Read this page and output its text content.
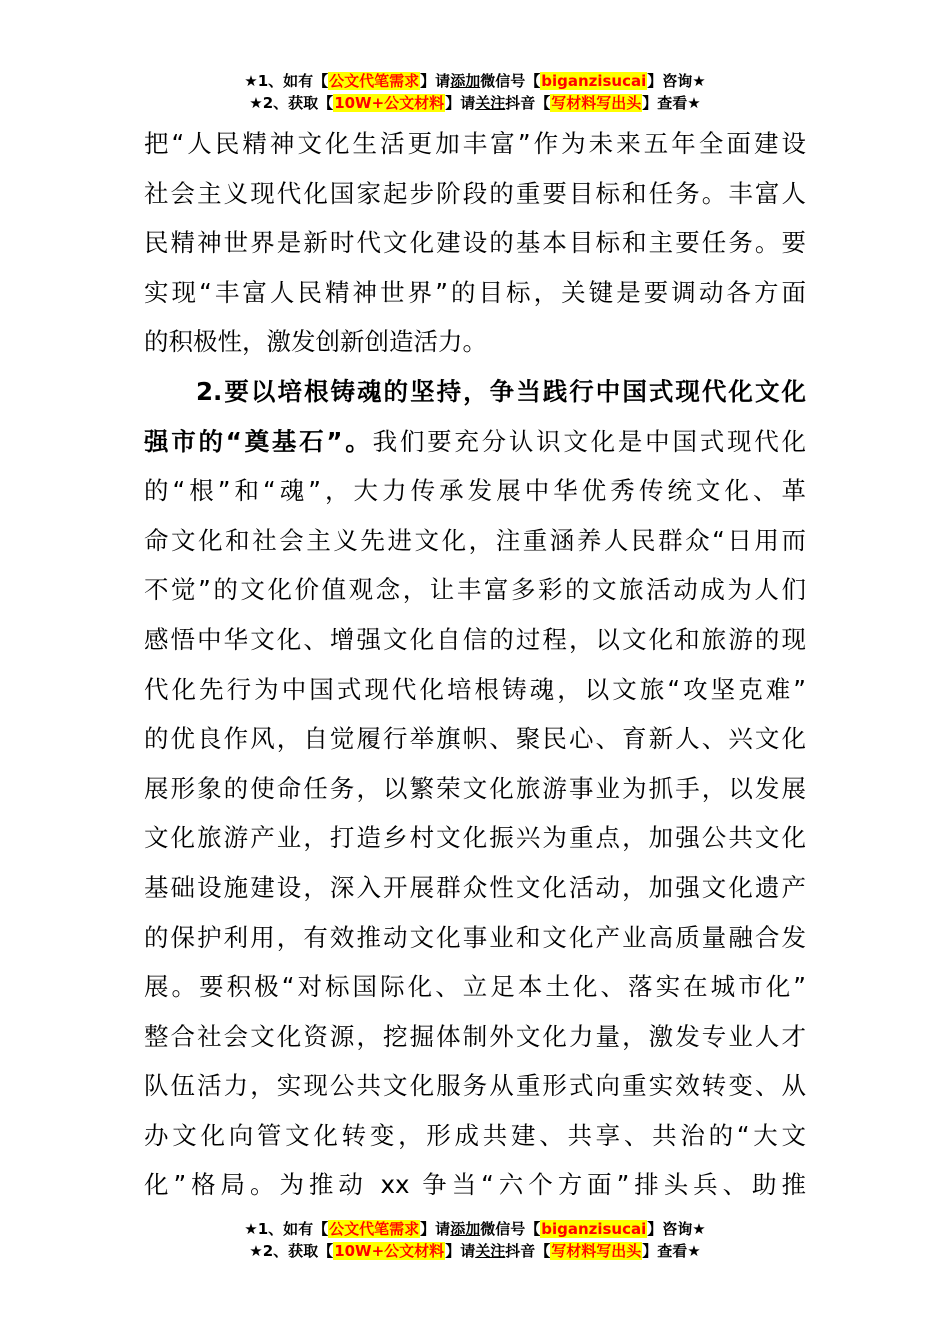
★1、如有【公文代笔需求】请添加微信号【biganzisucai】咨询★
★2、获取【10W+公文材料】请关注抖音【写材料写出头】查看★
把“人民精神文化生活更加丰富”作为未来五年全面建设
社会主义现代化国家起步阶段的重要目标和任务。丰富人
民精神世界是新时代文化建设的基本目标和主要任务。要
实现“丰富人民精神世界”的目标，关键是要调动各方面
的积极性，激发创新创造活力。
2.要以培根铸魂的坚持，争当践行中国式现代化文化
强市的“奠基石”。我们要充分认识文化是中国式现代化
的“根”和“魂”，大力传承发展中华优秀传统文化、革
命文化和社会主义先进文化，注重涵养人民群众“日用而
不觉”的文化价值观念，让丰富多彩的文旅活动成为人们
感悟中华文化、增强文化自信的过程，以文化和旅游的现
代化先行为中国式现代化培根铸魂，以文旅“攻坚克难”
的优良作风，自觉履行举旗帜、聚民心、育新人、兴文化
展形象的使命任务，以繁荣文化旅游事业为抓手，以发展
文化旅游产业，打造乡村文化振兴为重点，加强公共文化
基础设施建设，深入开展群众性文化活动，加强文化遗产
的保护利用，有效推动文化事业和文化产业高质量融合发
展。要积极“对标国际化、立足本土化、落实在城市化”
整合社会文化资源，挖掘体制外文化力量，激发专业人才
队伍活力，实现公共文化服务从重形式向重实效转变、从
办文化向管文化转变，形成共建、共享、共治的“大文
化”格局。为推动 xx 争当“六个方面”排头兵、助推
★1、如有【公文代笔需求】请添加微信号【biganzisucai】咨询★
★2、获取【10W+公文材料】请关注抖音【写材料写出头】查看★
